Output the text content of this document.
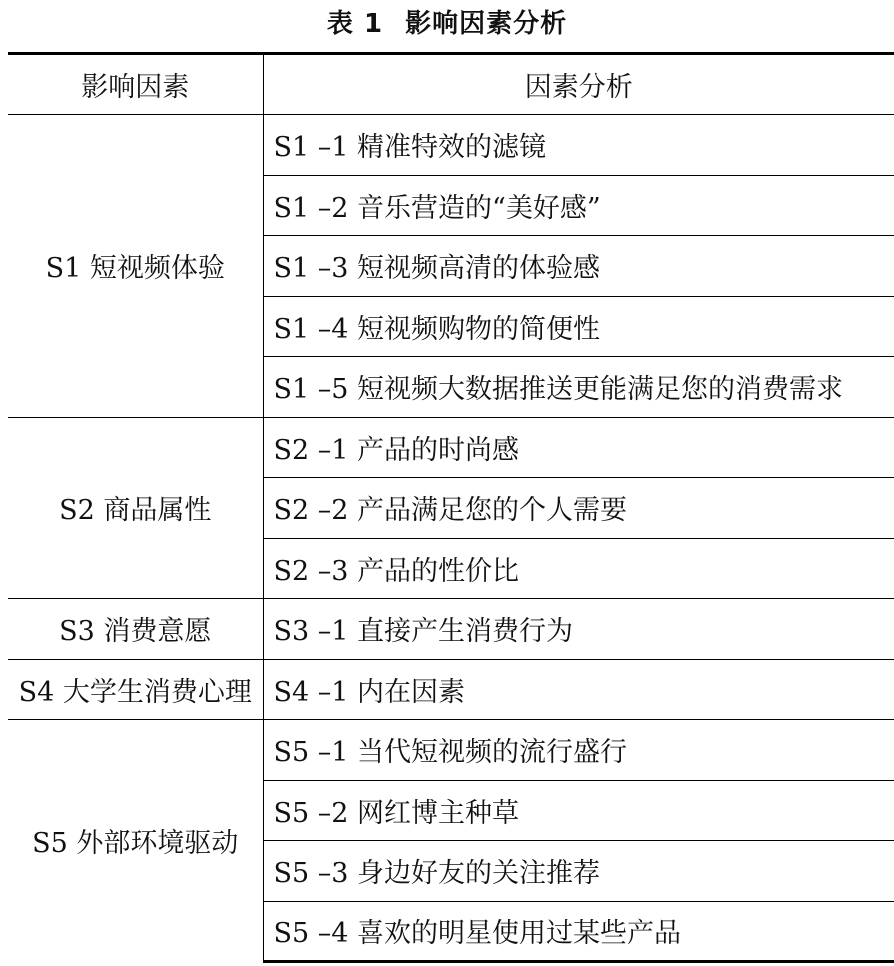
表 1 影响因素分析
影响因素	因素分析
S1 短视频体验	S1 –1 精准特效的滤镜
	S1 –2 音乐营造的“美好感”
	S1 –3 短视频高清的体验感
	S1 –4 短视频购物的简便性
	S1 –5 短视频大数据推送更能满足您的消费需求
S2 商品属性	S2 –1 产品的时尚感
	S2 –2 产品满足您的个人需要
	S2 –3 产品的性价比
S3 消费意愿	S3 –1 直接产生消费行为
S4 大学生消费心理	S4 –1 内在因素
S5 外部环境驱动	S5 –1 当代短视频的流行盛行
	S5 –2 网红博主种草
	S5 –3 身边好友的关注推荐
	S5 –4 喜欢的明星使用过某些产品
